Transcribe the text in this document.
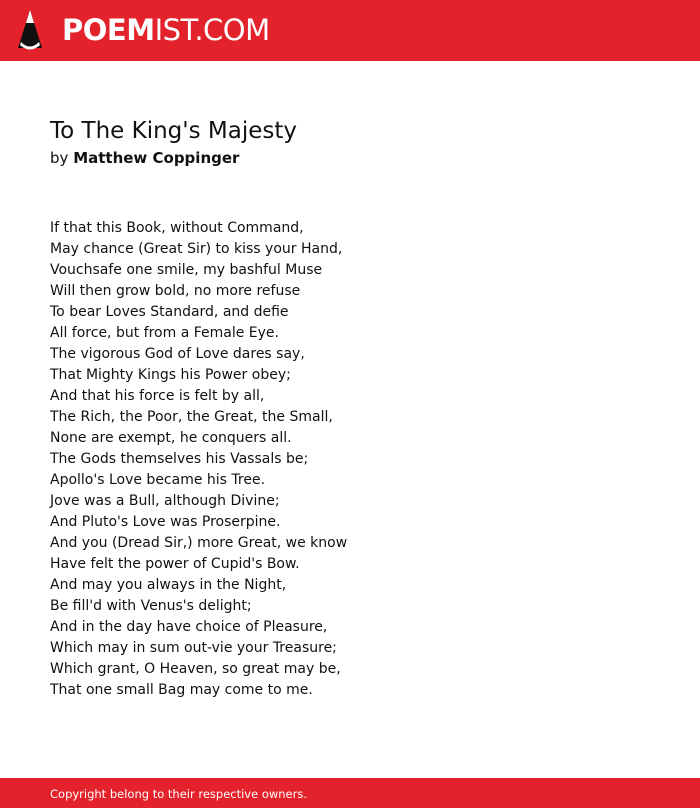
POEMIST.COM
To The King's Majesty
by Matthew Coppinger
If that this Book, without Command,
May chance (Great Sir) to kiss your Hand,
Vouchsafe one smile, my bashful Muse
Will then grow bold, no more refuse
To bear Loves Standard, and defie
All force, but from a Female Eye.
The vigorous God of Love dares say,
That Mighty Kings his Power obey;
And that his force is felt by all,
The Rich, the Poor, the Great, the Small,
None are exempt, he conquers all.
The Gods themselves his Vassals be;
Apollo's Love became his Tree.
Jove was a Bull, although Divine;
And Pluto's Love was Proserpine.
And you (Dread Sir,) more Great, we know
Have felt the power of Cupid's Bow.
And may you always in the Night,
Be fill'd with Venus's delight;
And in the day have choice of Pleasure,
Which may in sum out-vie your Treasure;
Which grant, O Heaven, so great may be,
That one small Bag may come to me.
Copyright belong to their respective owners.
